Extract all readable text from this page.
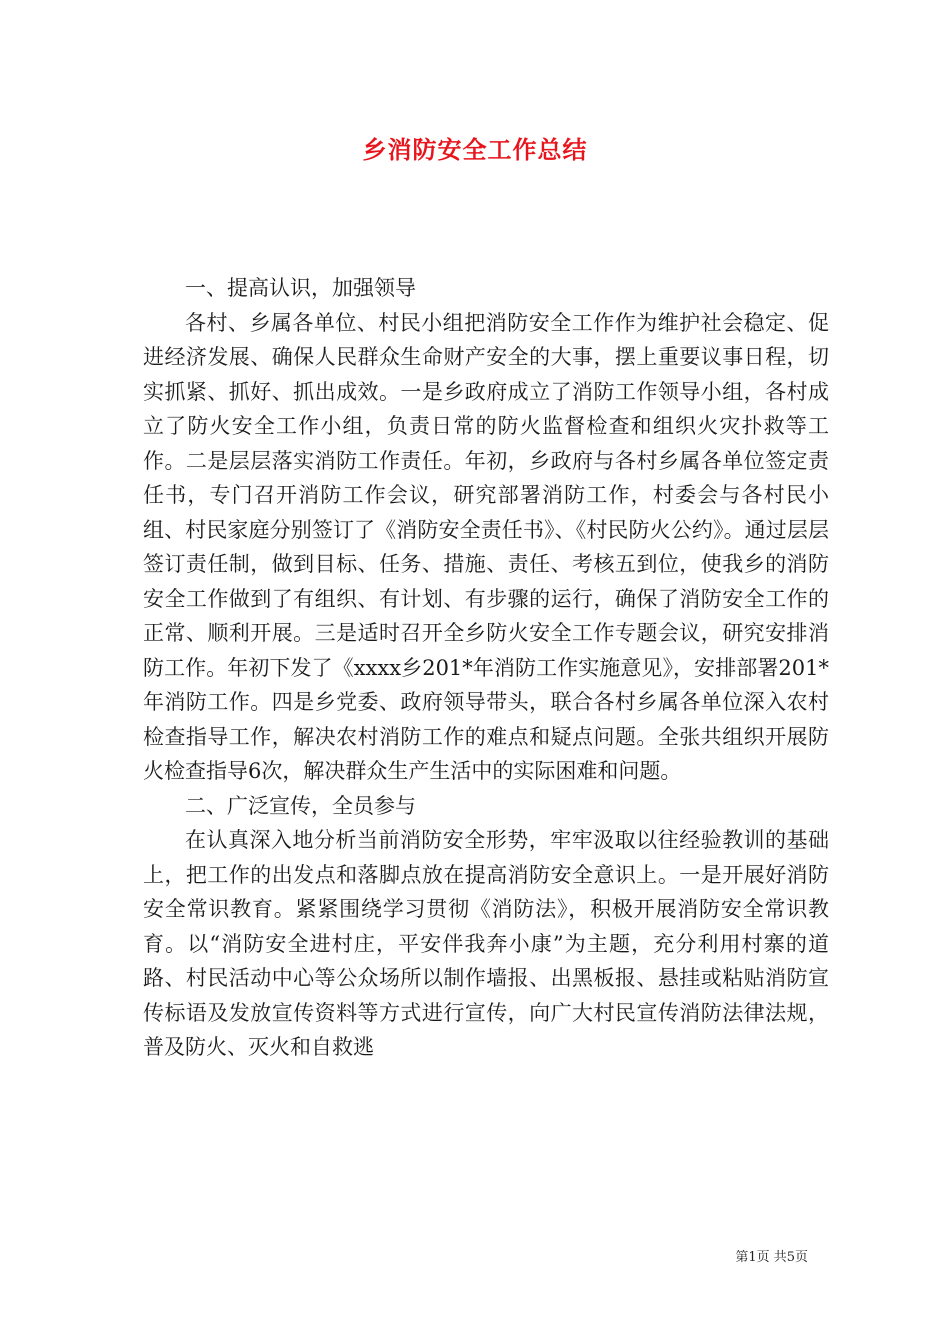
乡消防安全工作总结

一、提高认识，加强领导

各村、乡属各单位、村民小组把消防安全工作作为维护社会稳定、促进经济发展、确保人民群众生命财产安全的大事，摆上重要议事日程，切实抓紧、抓好、抓出成效。一是乡政府成立了消防工作领导小组，各村成立了防火安全工作小组，负责日常的防火监督检查和组织火灾扑救等工作。二是层层落实消防工作责任。年初，乡政府与各村乡属各单位签定责任书，专门召开消防工作会议，研究部署消防工作，村委会与各村民小组、村民家庭分别签订了《消防安全责任书》、《村民防火公约》。通过层层签订责任制，做到目标、任务、措施、责任、考核五到位，使我乡的消防安全工作做到了有组织、有计划、有步骤的运行，确保了消防安全工作的正常、顺利开展。三是适时召开全乡防火安全工作专题会议，研究安排消防工作。年初下发了《xxxx乡201*年消防工作实施意见》，安排部署201*年消防工作。四是乡党委、政府领导带头，联合各村乡属各单位深入农村检查指导工作，解决农村消防工作的难点和疑点问题。全张共组织开展防火检查指导6次，解决群众生产生活中的实际困难和问题。

二、广泛宣传，全员参与

在认真深入地分析当前消防安全形势，牢牢汲取以往经验教训的基础上，把工作的出发点和落脚点放在提高消防安全意识上。一是开展好消防安全常识教育。紧紧围绕学习贯彻《消防法》，积极开展消防安全常识教育。以“消防安全进村庄，平安伴我奔小康”为主题，充分利用村寨的道路、村民活动中心等公众场所以制作墙报、出黑板报、悬挂或粘贴消防宣传标语及发放宣传资料等方式进行宣传，向广大村民宣传消防法律法规，普及防火、灭火和自救逃

第1页 共5页
